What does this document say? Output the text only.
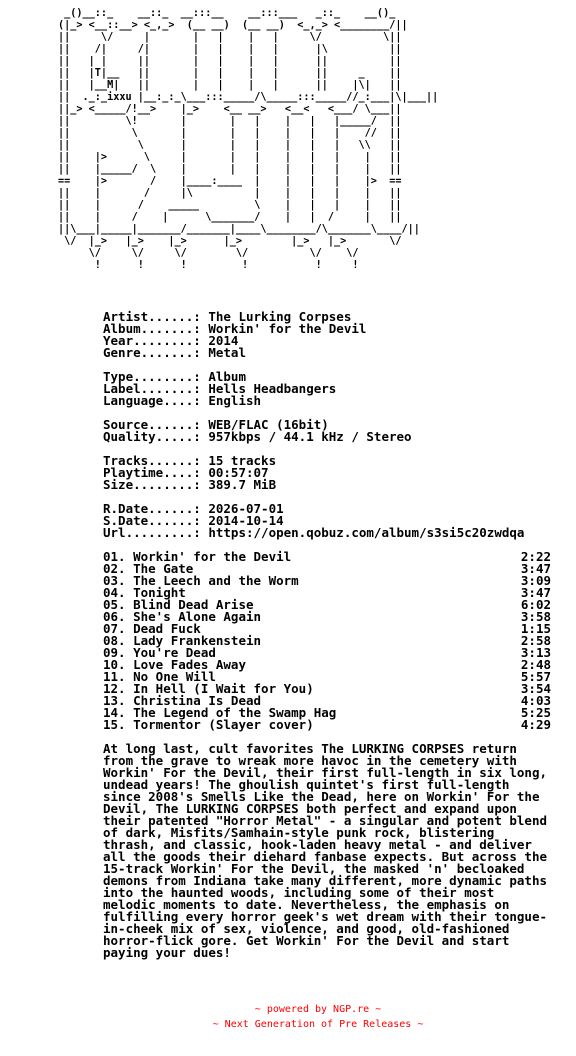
_()__::_    __::_  __:::__    __:::___   _::_    __()_
(|_> <__::__> <_,_>  (__ __)  (__ __)  <_,_> <________/||
||     \/     |       |   |    |   |     \/          \||
||    /|     /|       |   |    |   |      |\          ||
||   | |     ||       |   |    |   |      ||          ||
||   |T|__   ||       |   |    |   |      ||     _    ||
||   |__M|   ||       |   |    |   |      ||    |\|   ||
||  ._:_ixxu |__:_:_\___:::_____/\_____:::_____//_:___|\|___||
||_> <_____/!__>    |_>    <__ __>   <__<   <___/ \___||
||         \!       |       |   |    |   |   |_____/  ||
||          \       |       |   |    |   |   |    //  ||
||           \      |       |   |    |   |   |   \\   ||
||    |>      \     |       |   |    |   |   |    |   ||
||    |_____/  \    |       |   |    |   |   |    |   ||
==    |>       /    |____:____  |    |   |   |    |>  ==
||    |       /     |\          |    |   |   |    |   ||
||    |      /    _____         \    |   |   |    |   ||
||    |     /    |      \_______/    |   |  /     |   ||
||\___|_____|_______/_______|____\________/\_______\____/||
\/  |_>   |_>    |_>      |_>        |_>   |_>       \/
\/     \/     \/        \/          \/    \/
!      !      !         !           !     !
Artist......: The Lurking Corpses
Album.......: Workin' for the Devil
Year........: 2014
Genre.......: Metal
Type........: Album
Label.......: Hells Headbangers
Language....: English
Source......: WEB/FLAC (16bit)
Quality.....: 957kbps / 44.1 kHz / Stereo
Tracks......: 15 tracks
Playtime....: 00:57:07
Size........: 389.7 MiB
R.Date......: 2026-07-01
S.Date......: 2014-10-14
Url.........: https://open.qobuz.com/album/s3si5c20zwdqa
01. Workin' for the Devil	2:22
02. The Gate	3:47
03. The Leech and the Worm	3:09
04. Tonight	3:47
05. Blind Dead Arise	6:02
06. She's Alone Again	3:58
07. Dead Fuck	1:15
08. Lady Frankenstein	2:58
09. You're Dead	3:13
10. Love Fades Away	2:48
11. No One Will	5:57
12. In Hell (I Wait for You)	3:54
13. Christina Is Dead	4:03
14. The Legend of the Swamp Hag	5:25
15. Tormentor (Slayer cover)	4:29

At long last, cult favorites The LURKING CORPSES return from the grave to wreak more havoc in the cemetery with Workin' For the Devil, their first full-length in six long, undead years! The ghoulish quintet's first full-length since 2008's Smells Like the Dead, here on Workin' For the Devil, The LURKING CORPSES both perfect and expand upon their patented "Horror Metal" - a singular and potent blend of dark, Misfits/Samhain-style punk rock, blistering thrash, and classic, hook-laden heavy metal - and deliver all the goods their diehard fanbase expects. But across the 15-track Workin' For the Devil, the masked 'n' becloaked demons from Indiana take many different, more dynamic paths into the haunted woods, including some of their most melodic moments to date. Nevertheless, the emphasis on fulfilling every horror geek's wet dream with their tongue-in-cheek mix of sex, violence, and good, old-fashioned horror-flick gore. Get Workin' For the Devil and start paying your dues!

~ powered by NGP.re ~
~ Next Generation of Pre Releases ~
